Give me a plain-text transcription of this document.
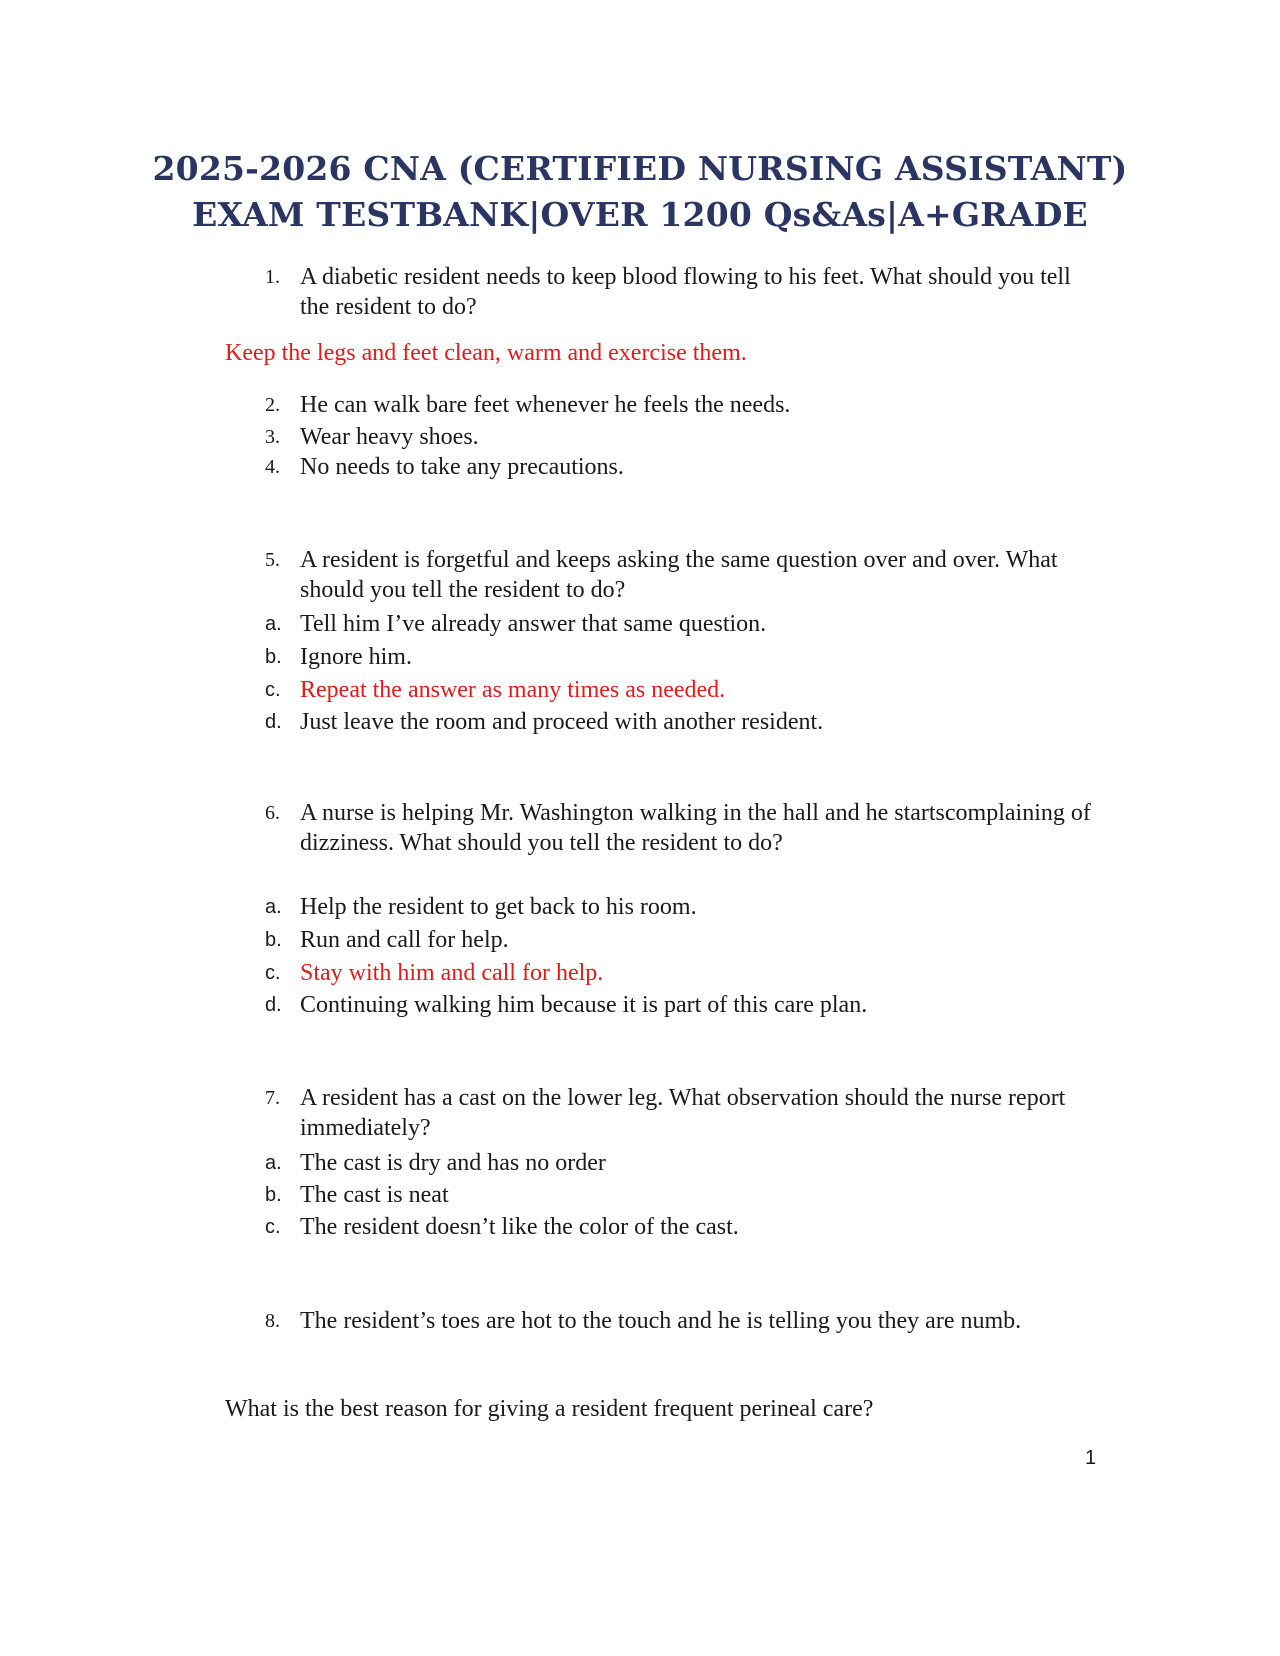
2025-2026 CNA (CERTIFIED NURSING ASSISTANT)
EXAM TESTBANK|OVER 1200 Qs&As|A+GRADE
1. A diabetic resident needs to keep blood flowing to his feet. What should you tell the resident to do?
Keep the legs and feet clean, warm and exercise them.
2. He can walk bare feet whenever he feels the needs.
3. Wear heavy shoes.
4. No needs to take any precautions.
5. A resident is forgetful and keeps asking the same question over and over. What should you tell the resident to do?
a. Tell him I’ve already answer that same question.
b. Ignore him.
c. Repeat the answer as many times as needed.
d. Just leave the room and proceed with another resident.
6. A nurse is helping Mr. Washington walking in the hall and he startscomplaining of dizziness. What should you tell the resident to do?
a. Help the resident to get back to his room.
b. Run and call for help.
c. Stay with him and call for help.
d. Continuing walking him because it is part of this care plan.
7. A resident has a cast on the lower leg. What observation should the nurse report immediately?
a. The cast is dry and has no order
b. The cast is neat
c. The resident doesn’t like the color of the cast.
8. The resident’s toes are hot to the touch and he is telling you they are numb.
What is the best reason for giving a resident frequent perineal care?
1
